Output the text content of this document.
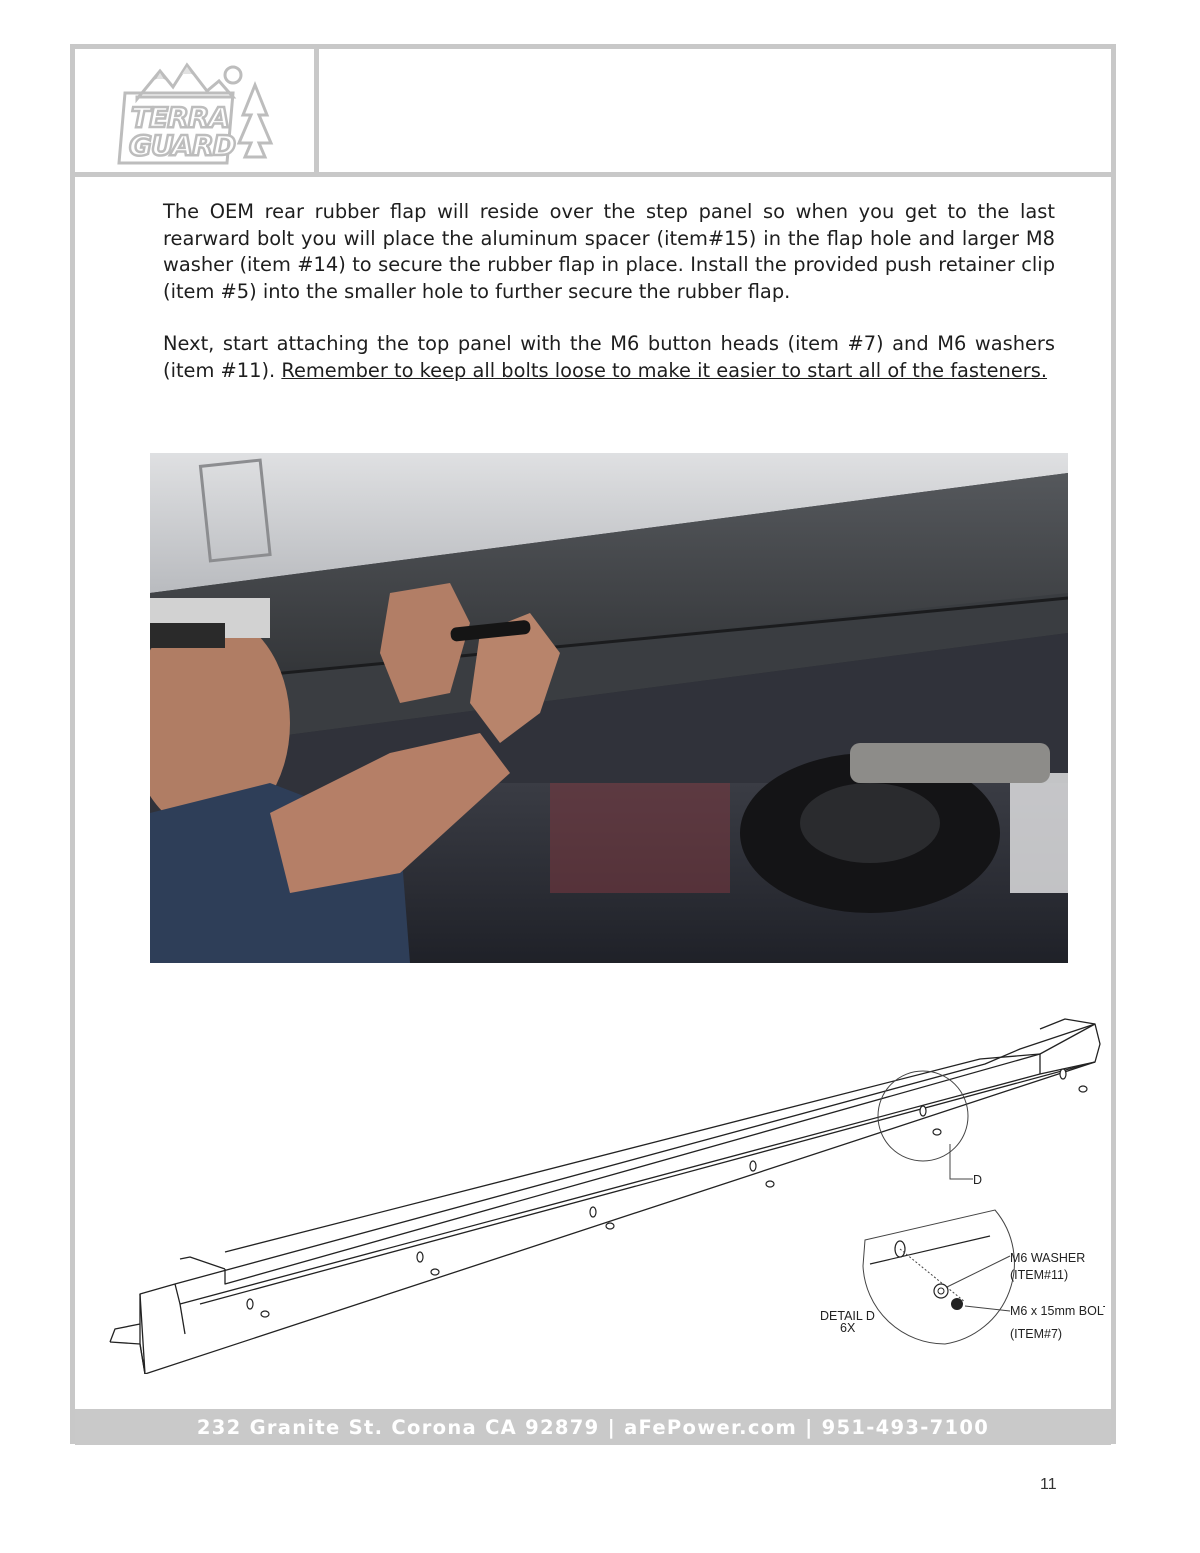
TERRA
GUARD

The OEM rear rubber flap will reside over the step panel so when you get to the last rearward bolt you will place the aluminum spacer (item#15) in the flap hole and larger M8 washer (item #14) to secure the rubber flap in place. Install the provided push retainer clip (item #5) into the smaller hole to further secure the rubber flap.

Next, start attaching the top panel with the M6 button heads (item #7) and M6 washers (item #11). Remember to keep all bolts loose to make it easier to start all of the fasteners.

D
DETAIL D
6X
M6 WASHER
(ITEM#11)
M6 x 15mm BOLT
(ITEM#7)
232 Granite St. Corona CA 92879 | aFePower.com | 951-493-7100
11
